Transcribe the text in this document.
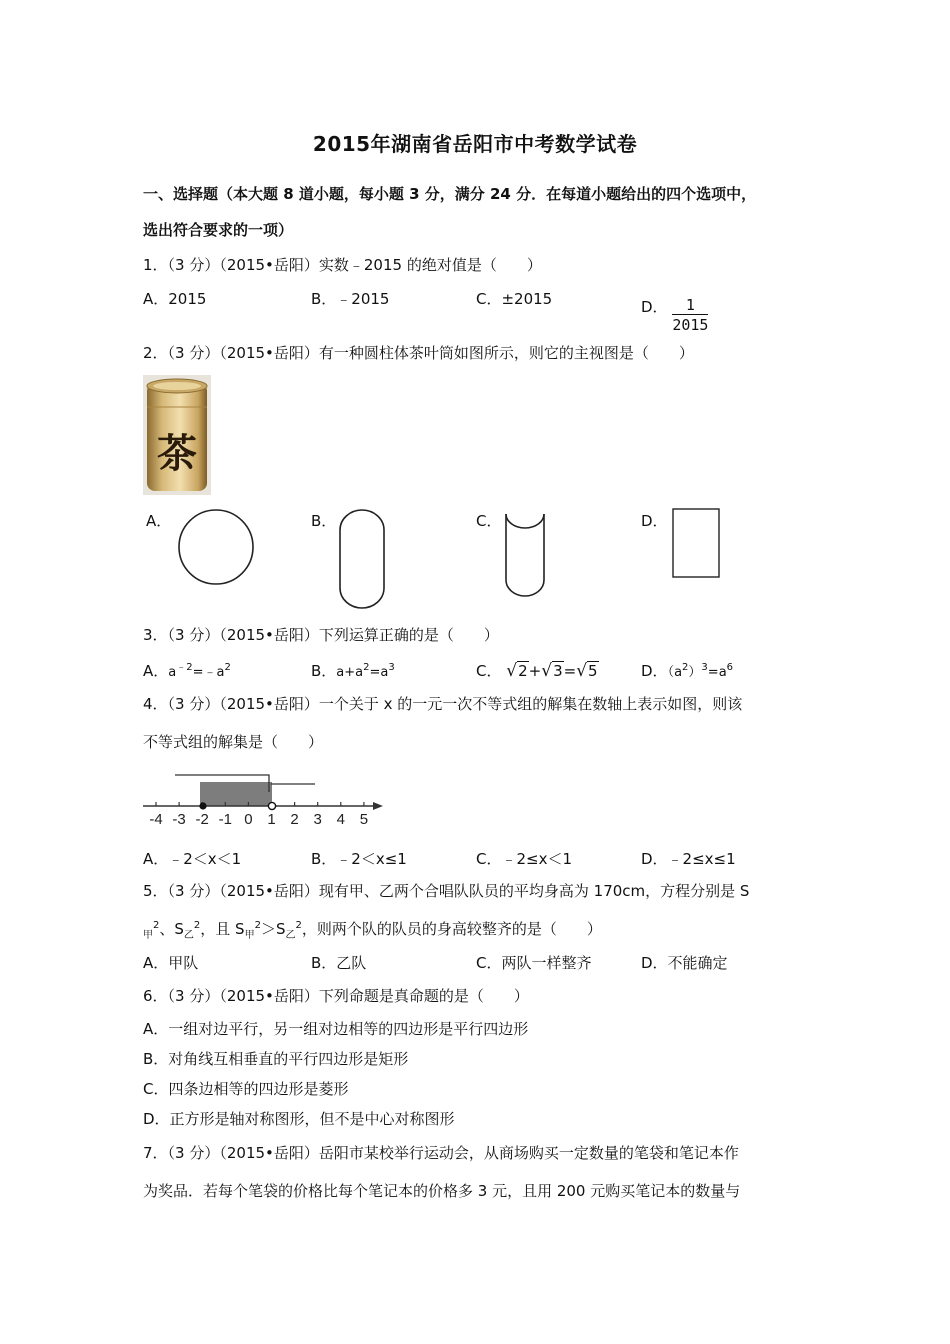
2015年湖南省岳阳市中考数学试卷
一、选择题（本大题 8 道小题，每小题 3 分，满分 24 分．在每道小题给出的四个选项中，
选出符合要求的一项）
1．（3 分）（2015•岳阳）实数﹣2015 的绝对值是（　　）
A．2015	B．﹣2015	C．±2015	D． $\frac{1}{2015}$
2．（3 分）（2015•岳阳）有一种圆柱体茶叶筒如图所示，则它的主视图是（　　）
茶
A．	B．	C．	D．
3．（3 分）（2015•岳阳）下列运算正确的是（　　）
A．$a^{﹣2}=﹣a^2$	B．$a+a^2=a^3$	C． √2+√3=√5	D．$(a^2)^3=a^6$
4．（3 分）（2015•岳阳）一个关于 x 的一元一次不等式组的解集在数轴上表示如图，则该
不等式组的解集是（　　）
-4 -3 -2 -1 0 1 2 3 4 5
A．﹣2＜x＜1	B．﹣2＜x≤1	C．﹣2≤x＜1	D．﹣2≤x≤1
5．（3 分）（2015•岳阳）现有甲、乙两个合唱队队员的平均身高为 170cm，方程分别是 S
$_甲^2$、$S_乙^2$，且 $S_甲^2>S_乙^2$，则两个队的队员的身高较整齐的是（　　）
A．甲队	B．乙队	C．两队一样整齐	D．不能确定
6．（3 分）（2015•岳阳）下列命题是真命题的是（　　）
A．一组对边平行，另一组对边相等的四边形是平行四边形
B．对角线互相垂直的平行四边形是矩形
C．四条边相等的四边形是菱形
D．正方形是轴对称图形，但不是中心对称图形
7．（3 分）（2015•岳阳）岳阳市某校举行运动会，从商场购买一定数量的笔袋和笔记本作
为奖品．若每个笔袋的价格比每个笔记本的价格多 3 元，且用 200 元购买笔记本的数量与
